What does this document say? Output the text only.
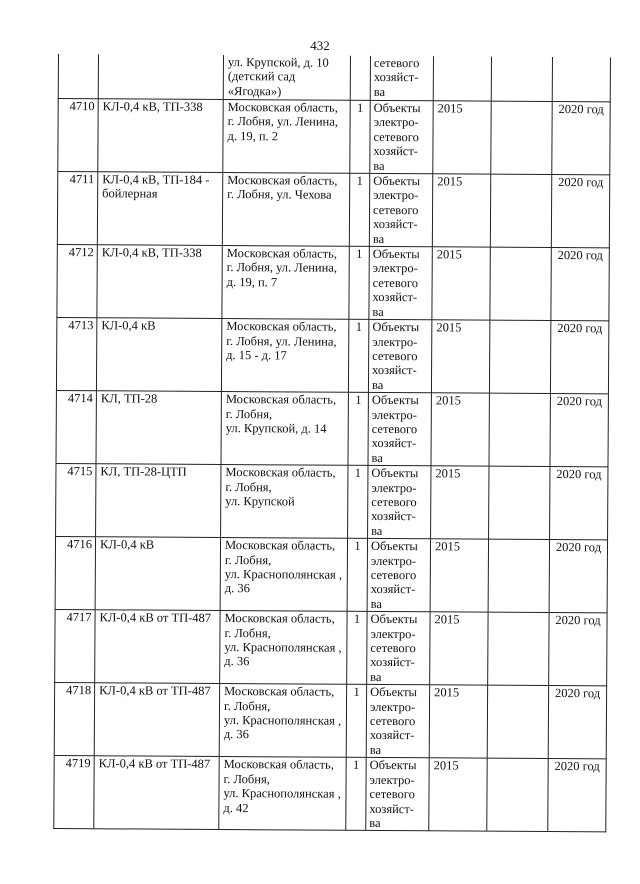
432
		ул. Крупской, д. 10 (детский сад «Ягодка»)		сетевого хозяйст-
ва			
4710	КЛ-0,4 кВ, ТП-338	Московская область, г. Лобня, ул. Ленина, д. 19, п. 2	1	Объекты электро-
сетевого хозяйст-
ва	2015		2020 год
4711	КЛ-0,4 кВ, ТП-184 - бойлерная	Московская область, г. Лобня, ул. Чехова	1	Объекты электро-
сетевого хозяйст-
ва	2015		2020 год
4712	КЛ-0,4 кВ, ТП-338	Московская область, г. Лобня, ул. Ленина, д. 19, п. 7	1	Объекты электро-
сетевого хозяйст-
ва	2015		2020 год
4713	КЛ-0,4 кВ	Московская область, г. Лобня, ул. Ленина, д. 15 - д. 17	1	Объекты электро-
сетевого хозяйст-
ва	2015		2020 год
4714	КЛ, ТП-28	Московская область, г. Лобня,
ул. Крупской, д. 14	1	Объекты электро-
сетевого хозяйст-
ва	2015		2020 год
4715	КЛ, ТП-28-ЦТП	Московская область, г. Лобня,
ул. Крупской	1	Объекты электро-
сетевого хозяйст-
ва	2015		2020 год
4716	КЛ-0,4 кВ	Московская область, г. Лобня,
ул. Краснополянская , д. 36	1	Объекты электро-
сетевого хозяйст-
ва	2015		2020 год
4717	КЛ-0,4 кВ от ТП-487	Московская область, г. Лобня,
ул. Краснополянская , д. 36	1	Объекты электро-
сетевого хозяйст-
ва	2015		2020 год
4718	КЛ-0,4 кВ от ТП-487	Московская область, г. Лобня,
ул. Краснополянская , д. 36	1	Объекты электро-
сетевого хозяйст-
ва	2015		2020 год
4719	КЛ-0,4 кВ от ТП-487	Московская область, г. Лобня,
ул. Краснополянская , д. 42	1	Объекты электро-
сетевого хозяйст-
ва	2015		2020 год
